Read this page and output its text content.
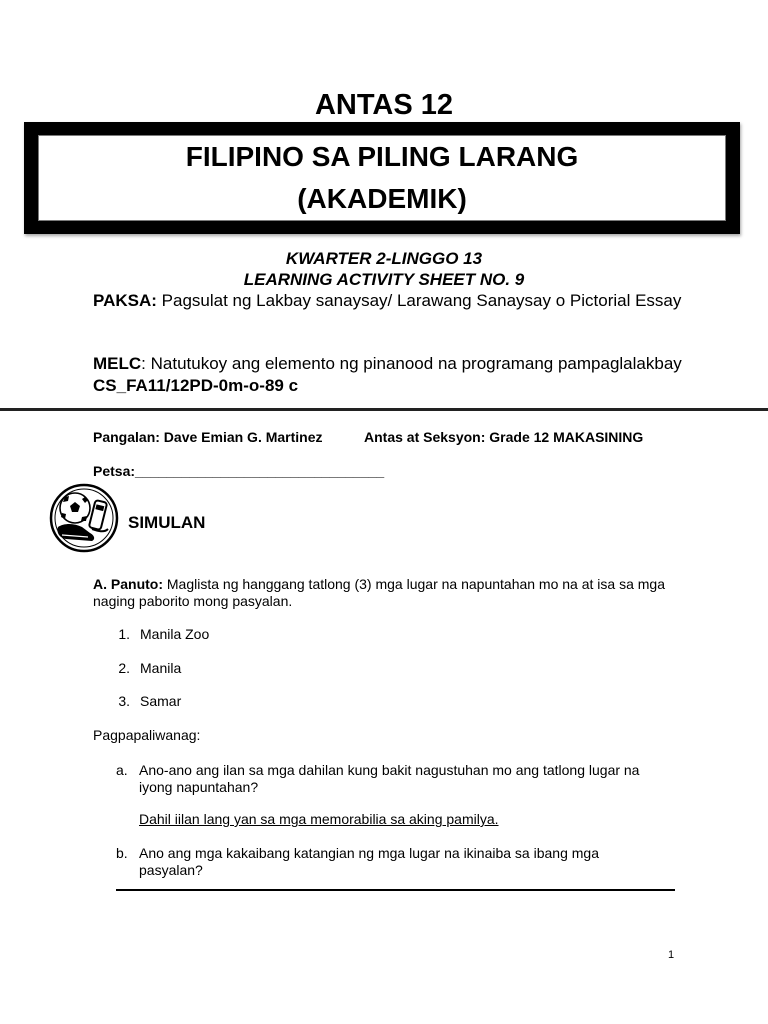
ANTAS 12
FILIPINO SA PILING LARANG
(AKADEMIK)
KWARTER 2-LINGGO 13
LEARNING ACTIVITY SHEET NO. 9
PAKSA: Pagsulat ng Lakbay sanaysay/ Larawang Sanaysay o Pictorial Essay
MELC: Natutukoy ang elemento ng pinanood na programang pampaglalakbay CS_FA11/12PD-0m-o-89 c
Pangalan: Dave Emian G. Martinez	Antas at Seksyon: Grade 12 MAKASINING
Petsa:________________________________
SIMULAN
A. Panuto: Maglista ng hanggang tatlong (3) mga lugar na napuntahan mo na at isa sa mga naging paborito mong pasyalan.
1. Manila Zoo
2. Manila
3. Samar
Pagpapaliwanag:
a. Ano-ano ang ilan sa mga dahilan kung bakit nagustuhan mo ang tatlong lugar na iyong napuntahan?
Dahil iilan lang yan sa mga memorabilia sa aking pamilya.
b. Ano ang mga kakaibang katangian ng mga lugar na ikinaiba sa ibang mga pasyalan?
1
